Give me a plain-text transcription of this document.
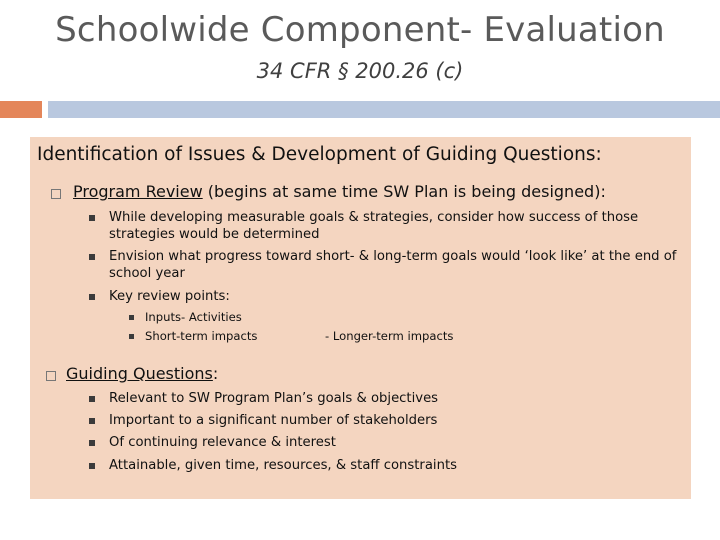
Schoolwide Component- Evaluation
34 CFR § 200.26 (c)
Identification of Issues & Development of Guiding Questions:
Program Review (begins at same time SW Plan is being designed):
While developing measurable goals & strategies, consider how success of those strategies would be determined
Envision what progress toward short- & long-term goals would ‘look like’ at the end of school year
Key review points:
Inputs- Activities
Short-term impacts	- Longer-term impacts
Guiding Questions:
Relevant to SW Program Plan’s goals & objectives
Important to a significant number of stakeholders
Of continuing relevance & interest
Attainable, given time, resources, & staff constraints
